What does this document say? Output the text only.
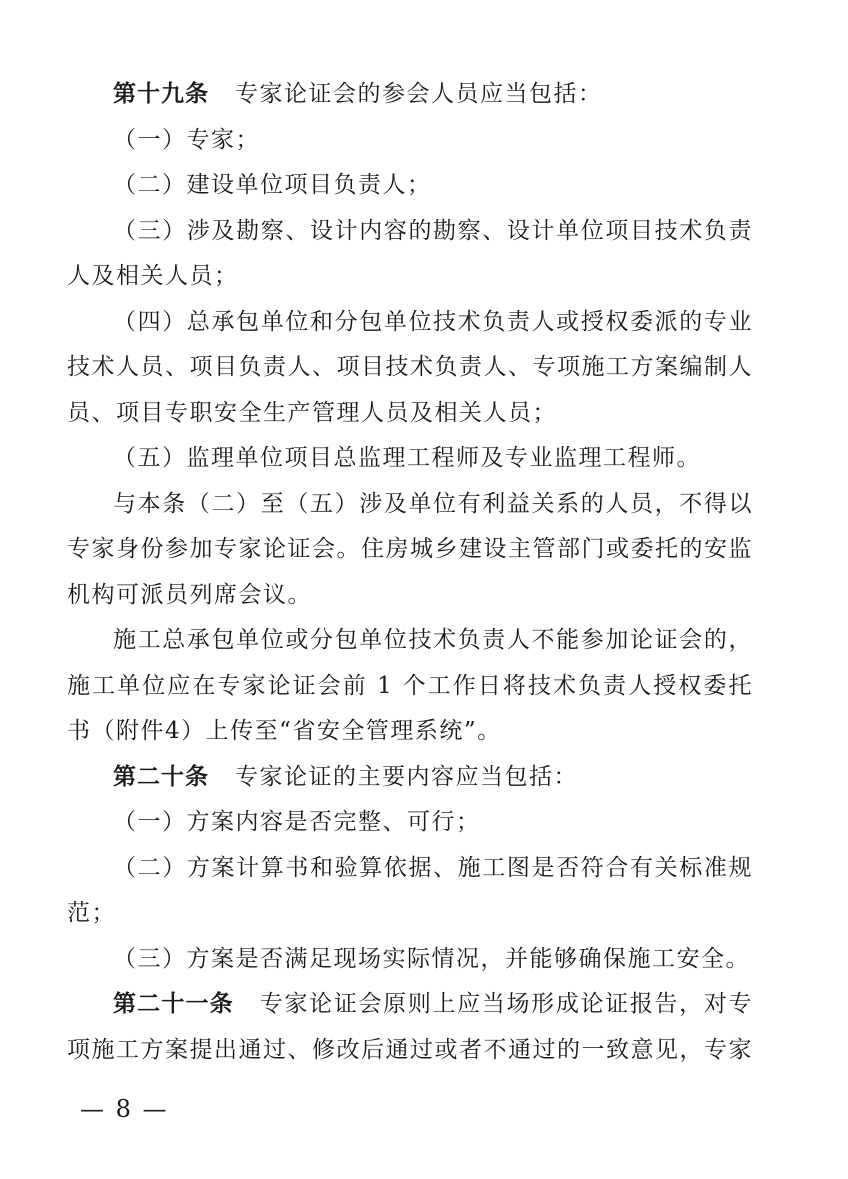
第十九条 专家论证会的参会人员应当包括：

（一）专家；

（二）建设单位项目负责人；

（三）涉及勘察、设计内容的勘察、设计单位项目技术负责人及相关人员；

（四）总承包单位和分包单位技术负责人或授权委派的专业技术人员、项目负责人、项目技术负责人、专项施工方案编制人员、项目专职安全生产管理人员及相关人员；

（五）监理单位项目总监理工程师及专业监理工程师。

与本条（二）至（五）涉及单位有利益关系的人员，不得以专家身份参加专家论证会。住房城乡建设主管部门或委托的安监机构可派员列席会议。

施工总承包单位或分包单位技术负责人不能参加论证会的，施工单位应在专家论证会前 1 个工作日将技术负责人授权委托书（附件4）上传至“省安全管理系统”。

第二十条 专家论证的主要内容应当包括：

（一）方案内容是否完整、可行；

（二）方案计算书和验算依据、施工图是否符合有关标准规范；

（三）方案是否满足现场实际情况，并能够确保施工安全。

第二十一条 专家论证会原则上应当场形成论证报告，对专项施工方案提出通过、修改后通过或者不通过的一致意见，专家

— 8 —
